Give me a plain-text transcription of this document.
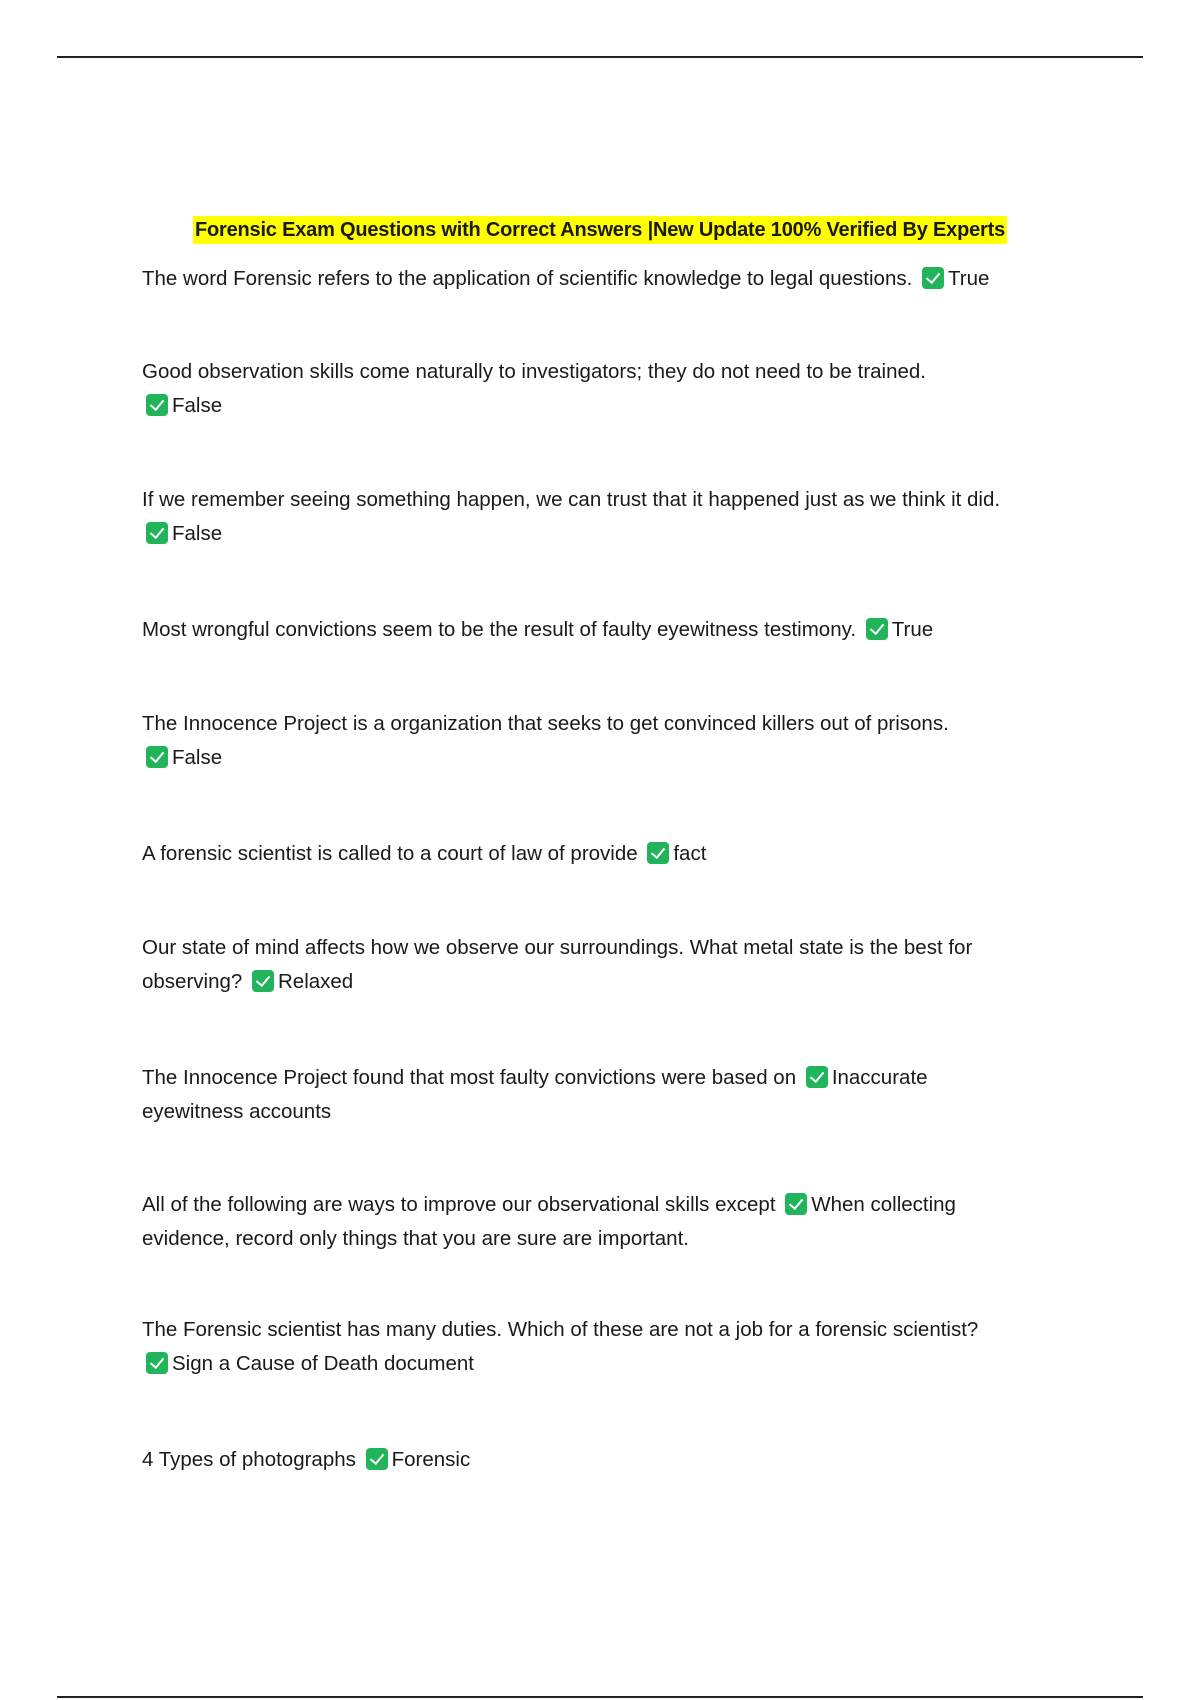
Forensic Exam Questions with Correct Answers |New Update 100% Verified By Experts
The word Forensic refers to the application of scientific knowledge to legal questions. True
Good observation skills come naturally to investigators; they do not need to be trained.
False
If we remember seeing something happen, we can trust that it happened just as we think it did.
False
Most wrongful convictions seem to be the result of faulty eyewitness testimony. True
The Innocence Project is a organization that seeks to get convinced killers out of prisons.
False
A forensic scientist is called to a court of law of provide fact
Our state of mind affects how we observe our surroundings. What metal state is the best for observing? Relaxed
The Innocence Project found that most faulty convictions were based on Inaccurate eyewitness accounts
All of the following are ways to improve our observational skills except When collecting evidence, record only things that you are sure are important.
The Forensic scientist has many duties. Which of these are not a job for a forensic scientist?
Sign a Cause of Death document
4 Types of photographs Forensic
